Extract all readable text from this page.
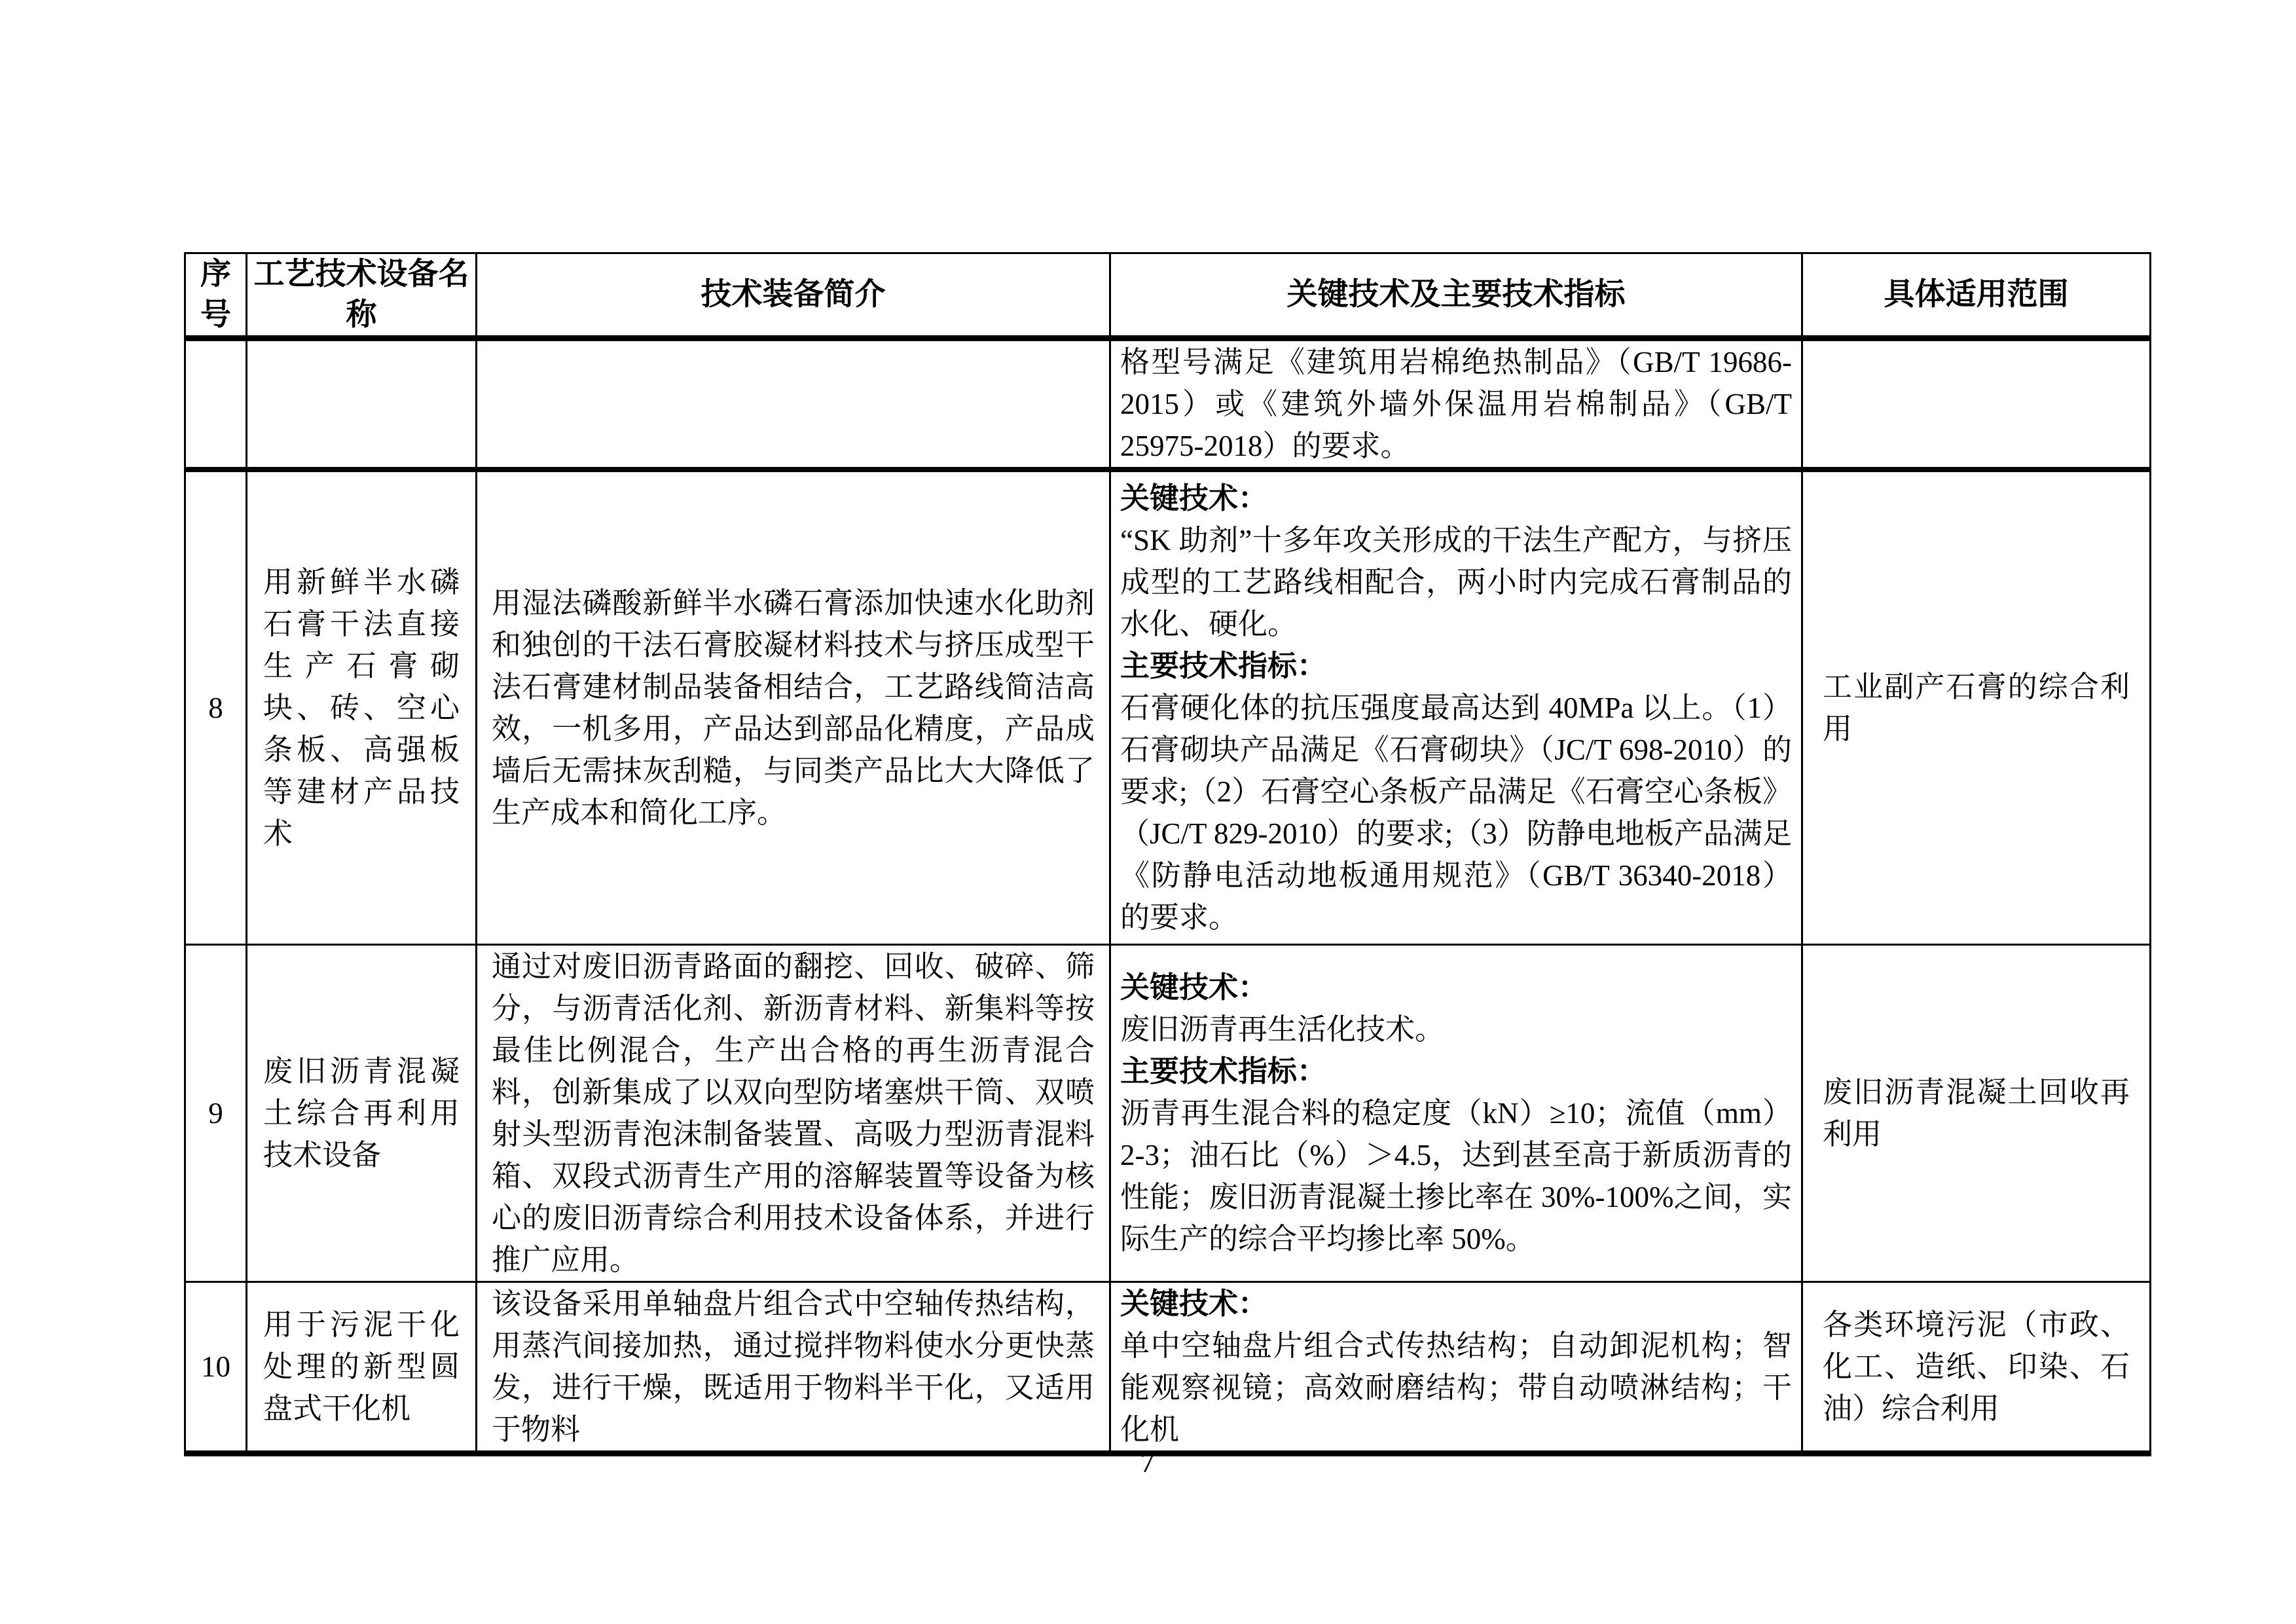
序号	工艺技术设备名称	技术装备简介	关键技术及主要技术指标	具体适用范围

			格型号满足《建筑用岩棉绝热制品》（GB/T 19686-2015）或《建筑外墙外保温用岩棉制品》（GB/T 25975-2018）的要求。	

8	用新鲜半水磷石膏干法直接生产石膏砌块、砖、空心条板、高强板等建材产品技术	用湿法磷酸新鲜半水磷石膏添加快速水化助剂和独创的干法石膏胶凝材料技术与挤压成型干法石膏建材制品装备相结合，工艺路线简洁高效，一机多用，产品达到部品化精度，产品成墙后无需抹灰刮糙，与同类产品比大大降低了生产成本和简化工序。	关键技术：

“SK 助剂”十多年攻关形成的干法生产配方，与挤压成型的工艺路线相配合，两小时内完成石膏制品的水化、硬化。

主要技术指标：

石膏硬化体的抗压强度最高达到 40MPa 以上。（1）石膏砌块产品满足《石膏砌块》（JC/T 698-2010）的要求;（2）石膏空心条板产品满足《石膏空心条板》（JC/T 829-2010）的要求;（3）防静电地板产品满足《防静电活动地板通用规范》（GB/T 36340-2018）的要求。	工业副产石膏的综合利用

9	废旧沥青混凝土综合再利用技术设备	通过对废旧沥青路面的翻挖、回收、破碎、筛分，与沥青活化剂、新沥青材料、新集料等按最佳比例混合，生产出合格的再生沥青混合料，创新集成了以双向型防堵塞烘干筒、双喷射头型沥青泡沫制备装置、高吸力型沥青混料箱、双段式沥青生产用的溶解装置等设备为核心的废旧沥青综合利用技术设备体系，并进行推广应用。	关键技术：

废旧沥青再生活化技术。

主要技术指标：

沥青再生混合料的稳定度（kN）≥10；流值（mm）2-3；油石比（%）＞4.5，达到甚至高于新质沥青的性能；废旧沥青混凝土掺比率在 30%-100%之间，实际生产的综合平均掺比率 50%。	废旧沥青混凝土回收再利用

10	用于污泥干化处理的新型圆盘式干化机	该设备采用单轴盘片组合式中空轴传热结构，用蒸汽间接加热，通过搅拌物料使水分更快蒸发，进行干燥，既适用于物料半干化，又适用于物料	关键技术：

单中空轴盘片组合式传热结构；自动卸泥机构；智能观察视镜；高效耐磨结构；带自动喷淋结构；干化机	各类环境污泥（市政、化工、造纸、印染、石油）综合利用

7
